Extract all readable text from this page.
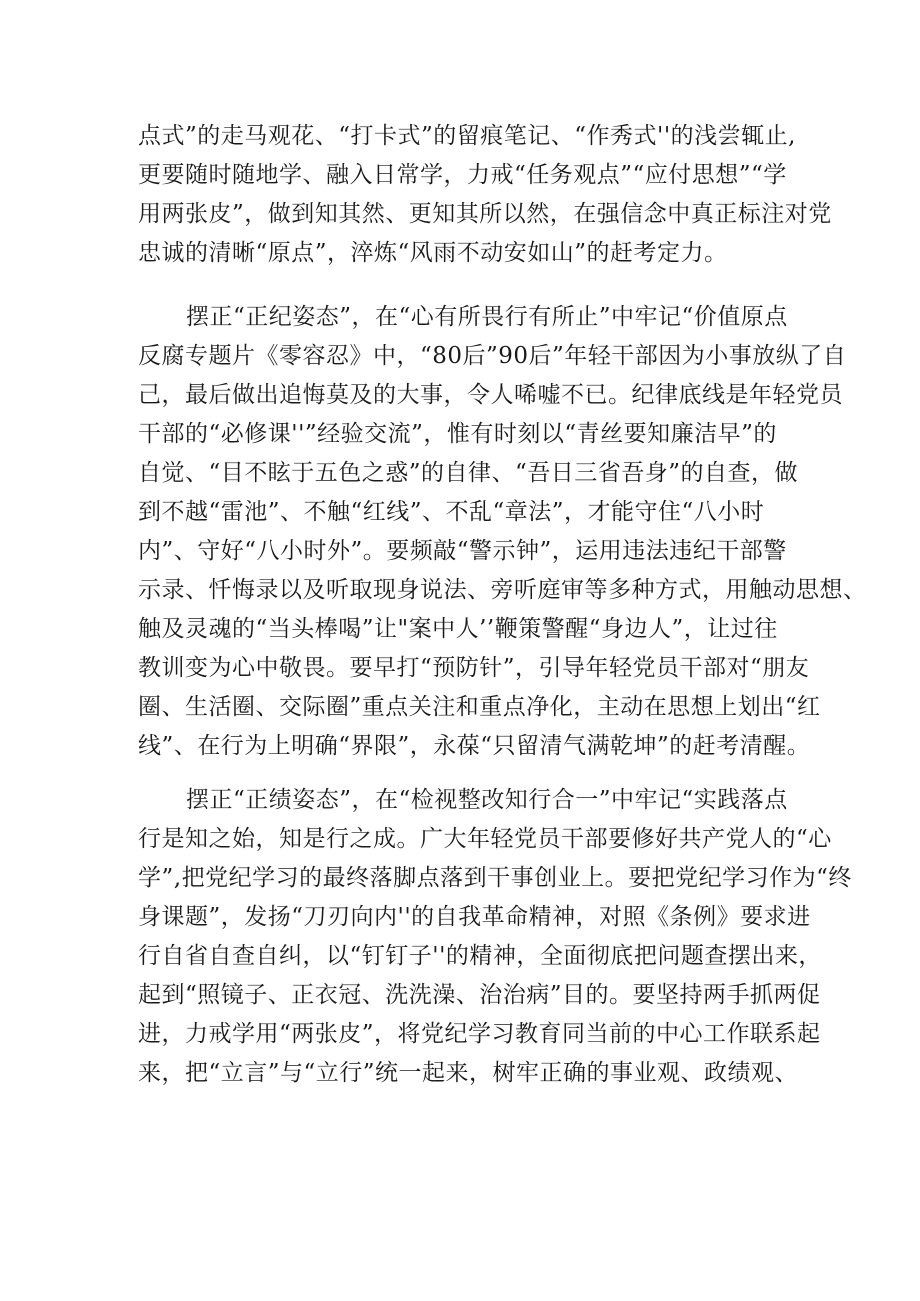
点式”的走马观花、“打卡式”的留痕笔记、“作秀式''的浅尝辄止,
更要随时随地学、融入日常学，力戒“任务观点”“应付思想”“学
用两张皮”，做到知其然、更知其所以然，在强信念中真正标注对党
忠诚的清晰“原点”，淬炼“风雨不动安如山”的赶考定力。
摆正“正纪姿态”，在“心有所畏行有所止”中牢记“价值原点
反腐专题片《零容忍》中，“80后”90后”年轻干部因为小事放纵了自
己，最后做出追悔莫及的大事，令人唏嘘不已。纪律底线是年轻党员
干部的“必修课''”经验交流”，惟有时刻以“青丝要知廉洁早”的
自觉、“目不眩于五色之惑”的自律、“吾日三省吾身”的自查，做
到不越“雷池”、不触“红线”、不乱“章法”，才能守住“八小时
内”、守好“八小时外”。要频敲“警示钟”，运用违法违纪干部警
示录、忏悔录以及听取现身说法、旁听庭审等多种方式，用触动思想、
触及灵魂的“当头棒喝”让"案中人’’鞭策警醒“身边人”，让过往
教训变为心中敬畏。要早打“预防针”，引导年轻党员干部对“朋友
圈、生活圈、交际圈”重点关注和重点净化，主动在思想上划出“红
线”、在行为上明确“界限”，永葆“只留清气满乾坤”的赶考清醒。
摆正“正绩姿态”，在“检视整改知行合一”中牢记“实践落点
行是知之始，知是行之成。广大年轻党员干部要修好共产党人的“心
学”,把党纪学习的最终落脚点落到干事创业上。要把党纪学习作为“终
身课题”，发扬“刀刃向内''的自我革命精神，对照《条例》要求进
行自省自查自纠，以“钉钉子''的精神，全面彻底把问题查摆出来，
起到“照镜子、正衣冠、洗洗澡、治治病”目的。要坚持两手抓两促
进，力戒学用“两张皮”，将党纪学习教育同当前的中心工作联系起
来，把“立言”与“立行”统一起来，树牢正确的事业观、政绩观、
